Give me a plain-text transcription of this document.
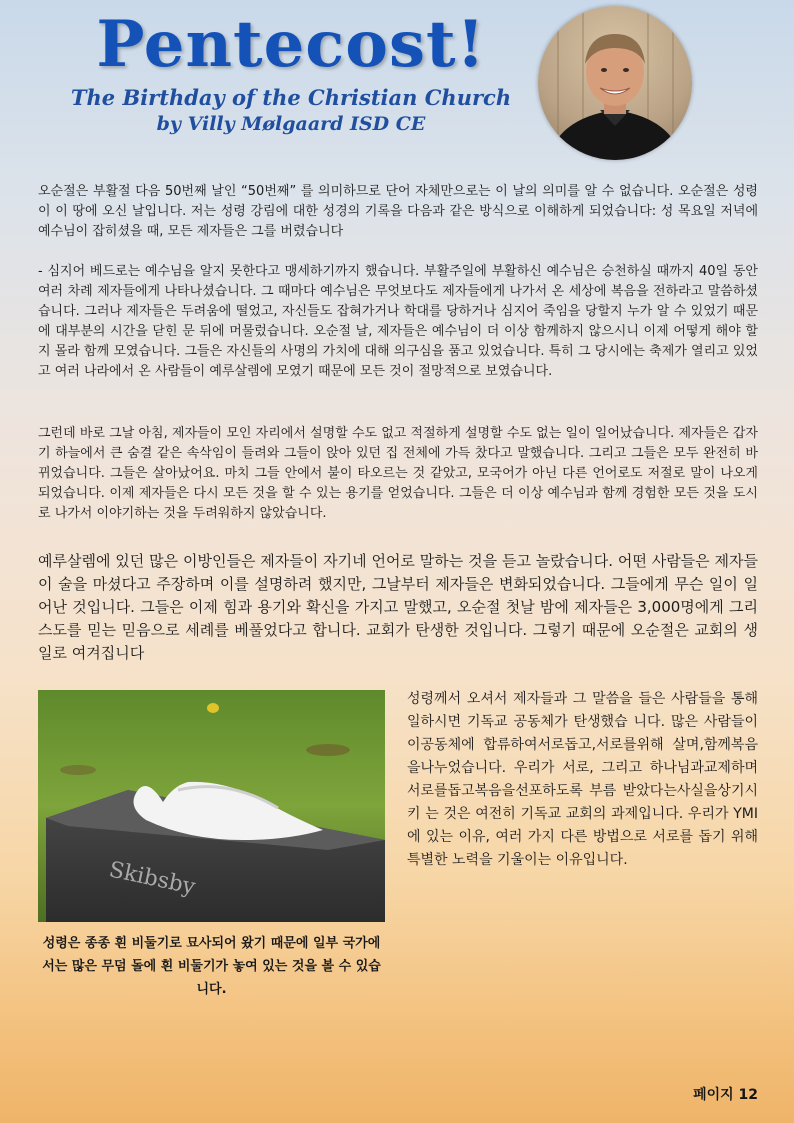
Pentecost!
The Birthday of the Christian Church
by Villy Mølgaard ISD CE

오순절은 부활절 다음 50번째 날인 “50번째” 를 의미하므로 단어 자체만으로는 이 날의 의미를 알 수 없습니다. 오순절은 성령이 이 땅에 오신 날입니다. 저는 성령 강림에 대한 성경의 기록을 다음과 같은 방식으로 이해하게 되었습니다: 성 목요일 저녁에 예수님이 잡히셨을 때, 모든 제자들은 그를 버렸습니다

- 심지어 베드로는 예수님을 알지 못한다고 맹세하기까지 했습니다. 부활주일에 부활하신 예수님은 승천하실 때까지 40일 동안 여러 차례 제자들에게 나타나셨습니다. 그 때마다 예수님은 무엇보다도 제자들에게 나가서 온 세상에 복음을 전하라고 말씀하셨습니다. 그러나 제자들은 두려움에 떨었고, 자신들도 잡혀가거나 학대를 당하거나 심지어 죽임을 당할지 누가 알 수 있었기 때문에 대부분의 시간을 닫힌 문 뒤에 머물렀습니다. 오순절 날, 제자들은 예수님이 더 이상 함께하지 않으시니 이제 어떻게 해야 할지 몰라 함께 모였습니다. 그들은 자신들의 사명의 가치에 대해 의구심을 품고 있었습니다. 특히 그 당시에는 축제가 열리고 있었고 여러 나라에서 온 사람들이 예루살렘에 모였기 때문에 모든 것이 절망적으로 보였습니다.

그런데 바로 그날 아침, 제자들이 모인 자리에서 설명할 수도 없고 적절하게 설명할 수도 없는 일이 일어났습니다. 제자들은 갑자기 하늘에서 큰 숨결 같은 속삭임이 들려와 그들이 앉아 있던 집 전체에 가득 찼다고 말했습니다. 그리고 그들은 모두 완전히 바뀌었습니다. 그들은 살아났어요. 마치 그들 안에서 불이 타오르는 것 같았고, 모국어가 아닌 다른 언어로도 저절로 말이 나오게 되었습니다. 이제 제자들은 다시 모든 것을 할 수 있는 용기를 얻었습니다. 그들은 더 이상 예수님과 함께 경험한 모든 것을 도시로 나가서 이야기하는 것을 두려워하지 않았습니다.

예루살렘에 있던 많은 이방인들은 제자들이 자기네 언어로 말하는 것을 듣고 놀랐습니다. 어떤 사람들은 제자들이 술을 마셨다고 주장하며 이를 설명하려 했지만, 그날부터 제자들은 변화되었습니다. 그들에게 무슨 일이 일어난 것입니다. 그들은 이제 힘과 용기와 확신을 가지고 말했고, 오순절 첫날 밤에 제자들은 3,000명에게 그리스도를 믿는 믿음으로 세례를 베풀었다고 합니다. 교회가 탄생한 것입니다. 그렇기 때문에 오순절은 교회의 생일로 여겨집니다

Skibsby

성령께서 오셔서 제자들과 그 말씀을 들은 사람들을 통해 일하시면 기독교 공동체가 탄생했습 니다. 많은 사람들이이공동체에 합류하여서로돕고,서로를위해 살며,함께복음을나누었습니다. 우리가 서로, 그리고 하나님과교제하며서로를돕고복음을선포하도록 부름 받았다는사실을상기시키 는 것은 여전히 기독교 교회의 과제입니다. 우리가 YMI에 있는 이유, 여러 가지 다른 방법으로 서로를 돕기 위해 특별한 노력을 기울이는 이유입니다.

성령은 종종 흰 비둘기로 묘사되어 왔기 때문에 일부 국가에서는 많은 무덤 돌에 흰 비둘기가 놓여 있는 것을 볼 수 있습니다.

페이지 12
